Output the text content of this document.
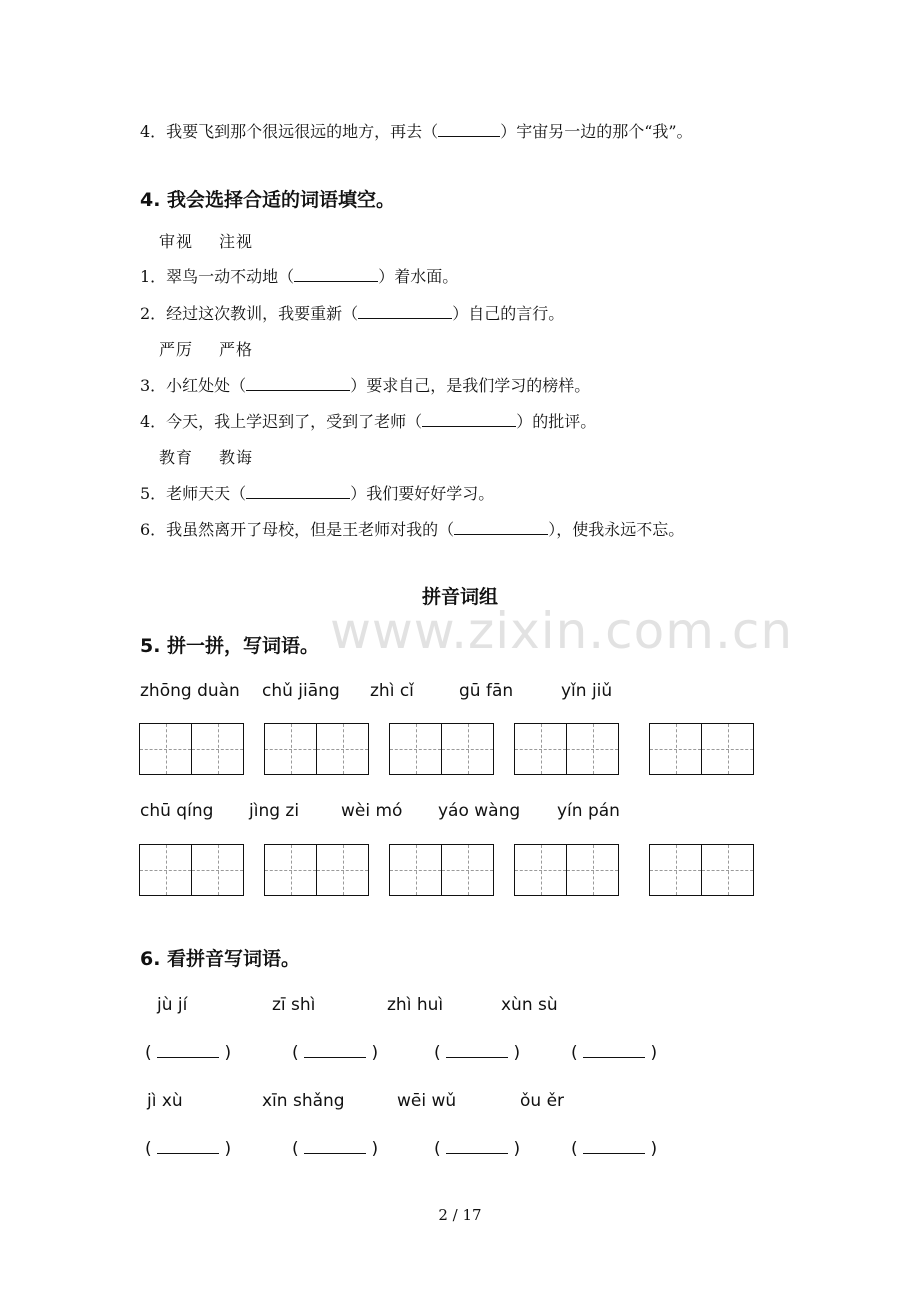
4．我要飞到那个很远很远的地方，再去（	）宇宙另一边的那个“我”。
4. 我会选择合适的词语填空。
审视 注视
1．翠鸟一动不动地（	）着水面。
2．经过这次教训，我要重新（	）自己的言行。
严厉 严格
3．小红处处（	）要求自己，是我们学习的榜样。
4．今天，我上学迟到了，受到了老师（	）的批评。
教育 教诲
5．老师天天（	）我们要好好学习。
6．我虽然离开了母校，但是王老师对我的（	），使我永远不忘。
www.zixin.com.cn
拼音词组
5. 拼一拼，写词语。
zhōng duàn chǔ jiāng zhì cǐ	gū fān	yǐn jiǔ
chū qíng jìng zi wèi mó yáo wàng yín pán
6. 看拼音写词语。
jù jí	zī shì	zhì huì	xùn sù
(	)	(	)	(	)	(	)
jì xù	xīn shǎng	wēi wǔ	ǒu ěr
(	)	(	)	(	)	(	)
2 / 17
